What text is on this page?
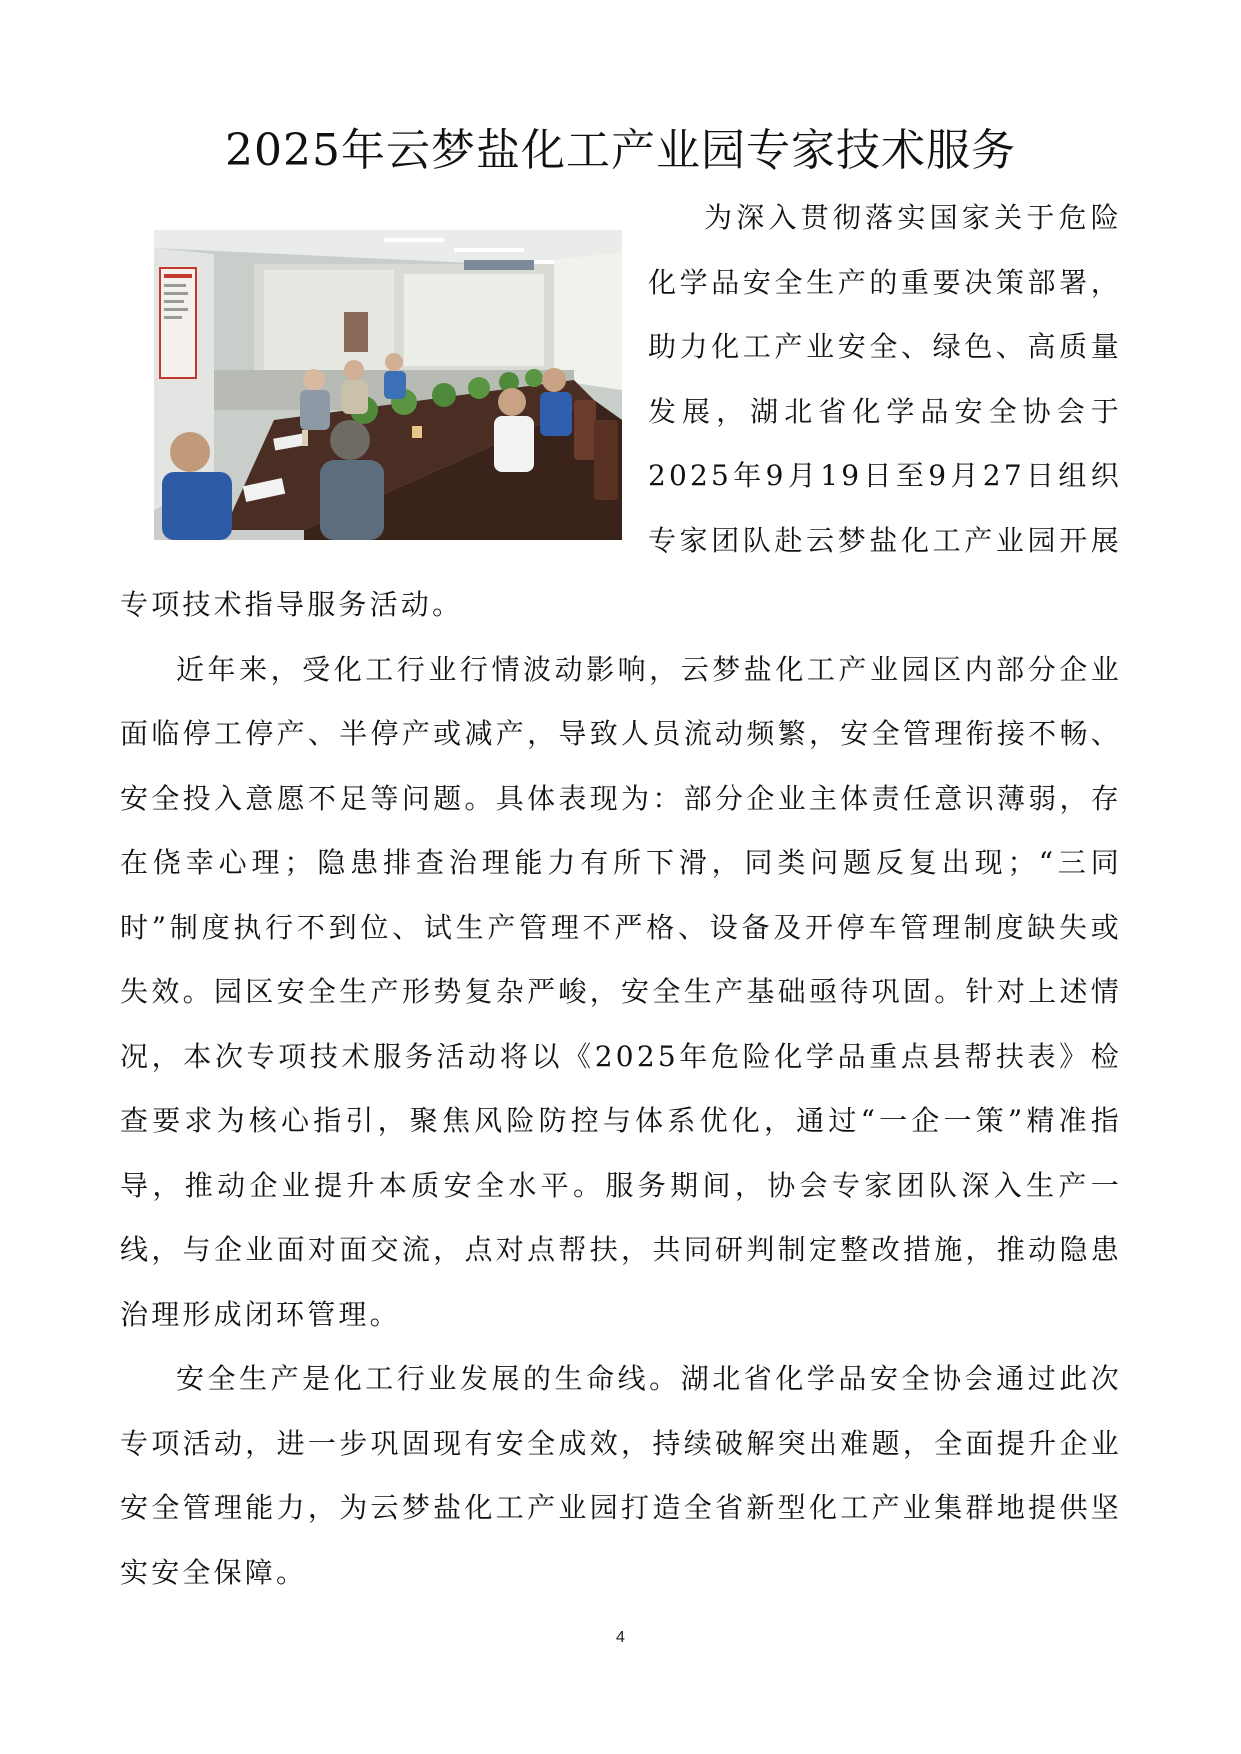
2025年云梦盐化工产业园专家技术服务

为深入贯彻落实国家关于危险化学品安全生产的重要决策部署，助力化工产业安全、绿色、高质量发展，湖北省化学品安全协会于2025年9月19日至9月27日组织专家团队赴云梦盐化工产业园开展专项技术指导服务活动。

近年来，受化工行业行情波动影响，云梦盐化工产业园区内部分企业面临停工停产、半停产或减产，导致人员流动频繁，安全管理衔接不畅、安全投入意愿不足等问题。具体表现为：部分企业主体责任意识薄弱，存在侥幸心理；隐患排查治理能力有所下滑，同类问题反复出现；“三同时”制度执行不到位、试生产管理不严格、设备及开停车管理制度缺失或失效。园区安全生产形势复杂严峻，安全生产基础亟待巩固。针对上述情况，本次专项技术服务活动将以《2025年危险化学品重点县帮扶表》检查要求为核心指引，聚焦风险防控与体系优化，通过“一企一策”精准指导，推动企业提升本质安全水平。服务期间，协会专家团队深入生产一线，与企业面对面交流，点对点帮扶，共同研判制定整改措施，推动隐患治理形成闭环管理。

安全生产是化工行业发展的生命线。湖北省化学品安全协会通过此次专项活动，进一步巩固现有安全成效，持续破解突出难题，全面提升企业安全管理能力，为云梦盐化工产业园打造全省新型化工产业集群地提供坚实安全保障。

4
